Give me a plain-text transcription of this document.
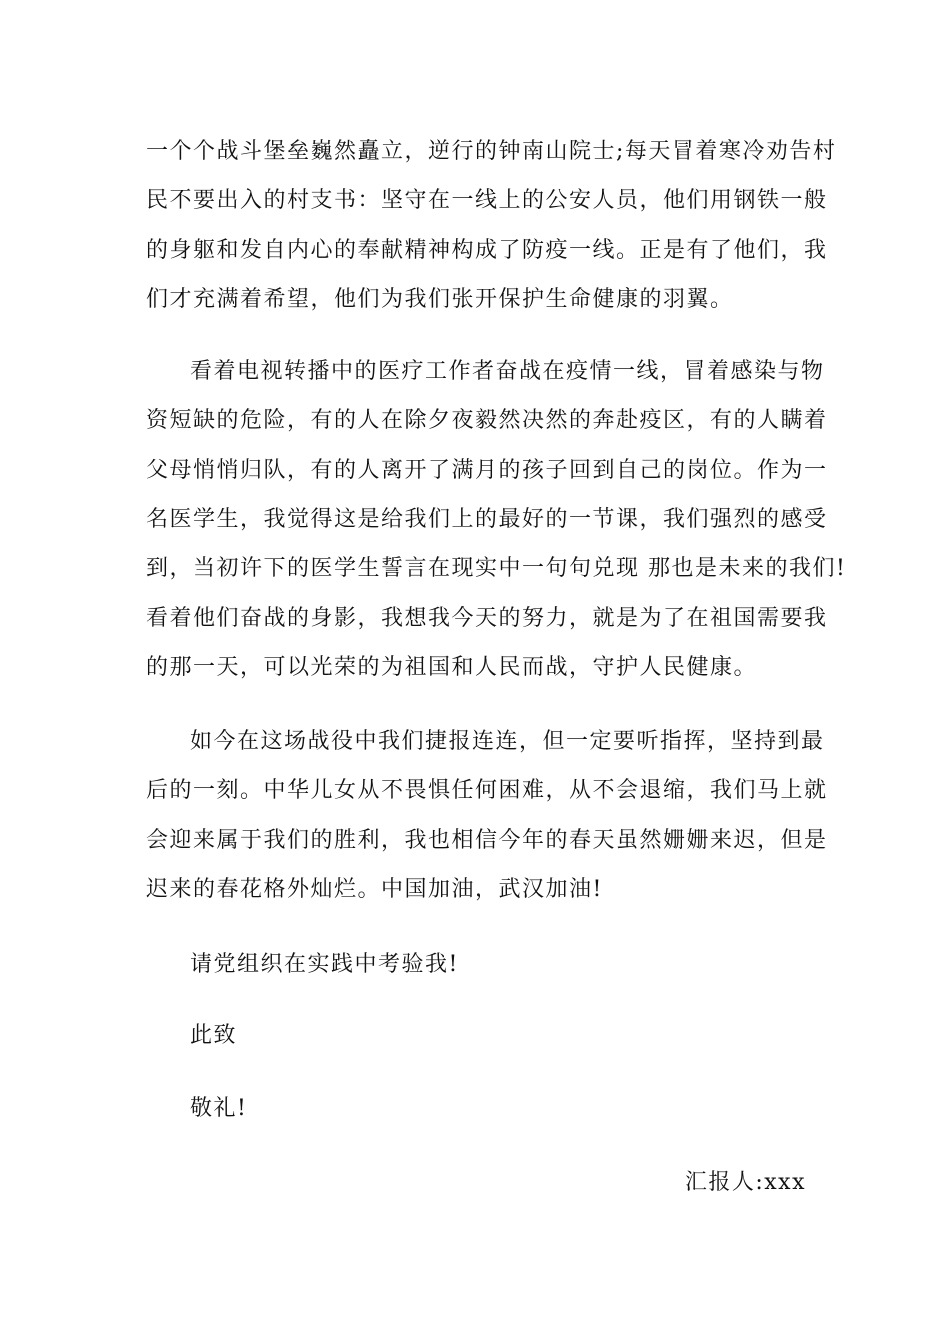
一个个战斗堡垒巍然矗立，逆行的钟南山院士;每天冒着寒冷劝告村
民不要出入的村支书：坚守在一线上的公安人员，他们用钢铁一般
的身躯和发自内心的奉献精神构成了防疫一线。正是有了他们，我
们才充满着希望，他们为我们张开保护生命健康的羽翼。
看着电视转播中的医疗工作者奋战在疫情一线，冒着感染与物
资短缺的危险，有的人在除夕夜毅然决然的奔赴疫区，有的人瞒着
父母悄悄归队，有的人离开了满月的孩子回到自己的岗位。作为一
名医学生，我觉得这是给我们上的最好的一节课，我们强烈的感受
到，当初许下的医学生誓言在现实中一句句兑现 那也是未来的我们!
看着他们奋战的身影，我想我今天的努力，就是为了在祖国需要我
的那一天，可以光荣的为祖国和人民而战，守护人民健康。
如今在这场战役中我们捷报连连，但一定要听指挥，坚持到最
后的一刻。中华儿女从不畏惧任何困难，从不会退缩，我们马上就
会迎来属于我们的胜利，我也相信今年的春天虽然姗姗来迟，但是
迟来的春花格外灿烂。中国加油，武汉加油!
请党组织在实践中考验我!
此致
敬礼!
汇报人:xxx
